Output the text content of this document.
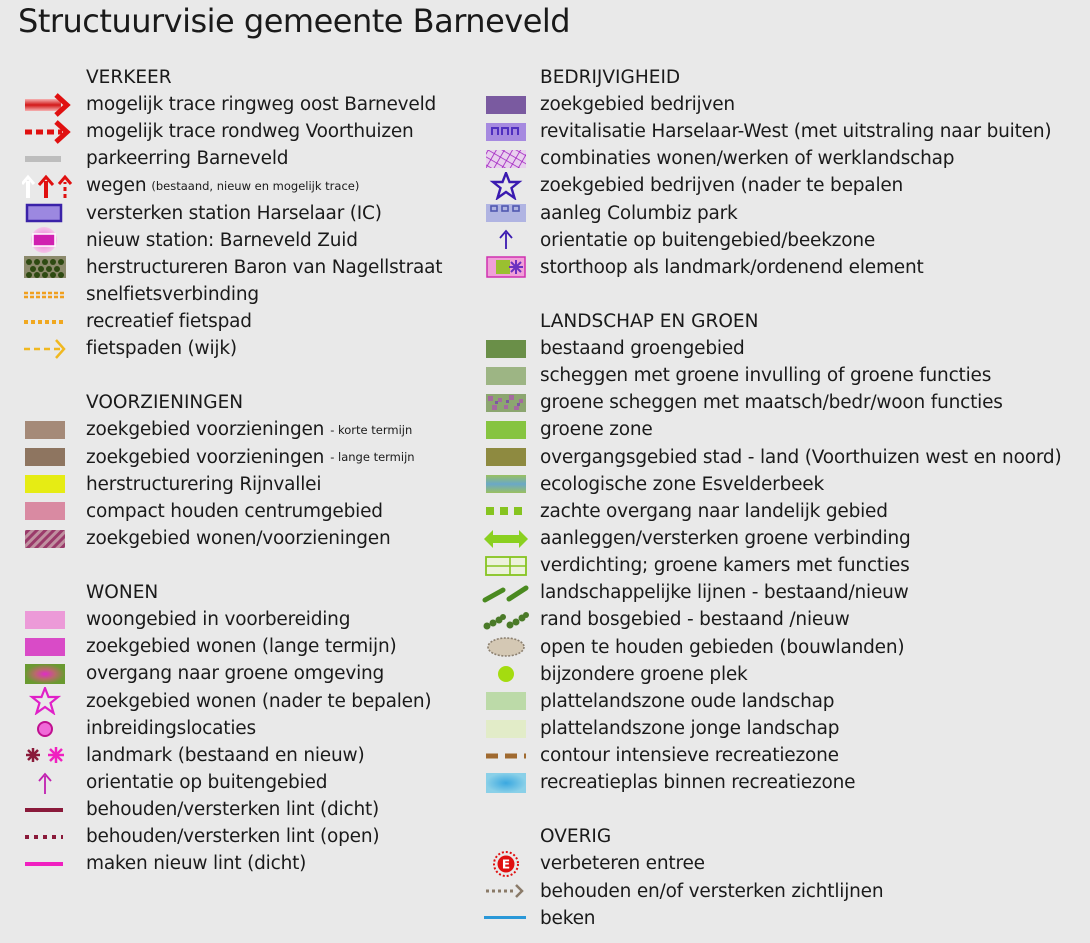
Structuurvisie gemeente Barneveld
VERKEER
mogelijk trace ringweg oost Barneveld
mogelijk trace rondweg Voorthuizen
parkeerring Barneveld
wegen (bestaand, nieuw en mogelijk trace)
versterken station Harselaar (IC)
nieuw station: Barneveld Zuid
herstructureren Baron van Nagellstraat
snelfietsverbinding
recreatief fietspad
fietspaden (wijk)
VOORZIENINGEN
zoekgebied voorzieningen - korte termijn
zoekgebied voorzieningen - lange termijn
herstructurering Rijnvallei
compact houden centrumgebied
zoekgebied wonen/voorzieningen
WONEN
woongebied in voorbereiding
zoekgebied wonen (lange termijn)
overgang naar groene omgeving
zoekgebied wonen (nader te bepalen)
inbreidingslocaties
landmark (bestaand en nieuw)
orientatie op buitengebied
behouden/versterken lint (dicht)
behouden/versterken lint (open)
maken nieuw lint (dicht)
BEDRIJVIGHEID
zoekgebied bedrijven
revitalisatie Harselaar-West (met uitstraling naar buiten)
combinaties wonen/werken of werklandschap
zoekgebied bedrijven (nader te bepalen
aanleg Columbiz park
orientatie op buitengebied/beekzone
storthoop als landmark/ordenend element
LANDSCHAP EN GROEN
bestaand groengebied
scheggen met groene invulling of groene functies
groene scheggen met maatsch/bedr/woon functies
groene zone
overgangsgebied stad - land (Voorthuizen west en noord)
ecologische zone Esvelderbeek
zachte overgang naar landelijk gebied
aanleggen/versterken groene verbinding
verdichting; groene kamers met functies
landschappelijke lijnen - bestaand/nieuw
rand bosgebied - bestaand /nieuw
open te houden gebieden (bouwlanden)
bijzondere groene plek
plattelandszone oude landschap
plattelandszone jonge landschap
contour intensieve recreatiezone
recreatieplas binnen recreatiezone
OVERIG
E verbeteren entree
behouden en/of versterken zichtlijnen
beken
